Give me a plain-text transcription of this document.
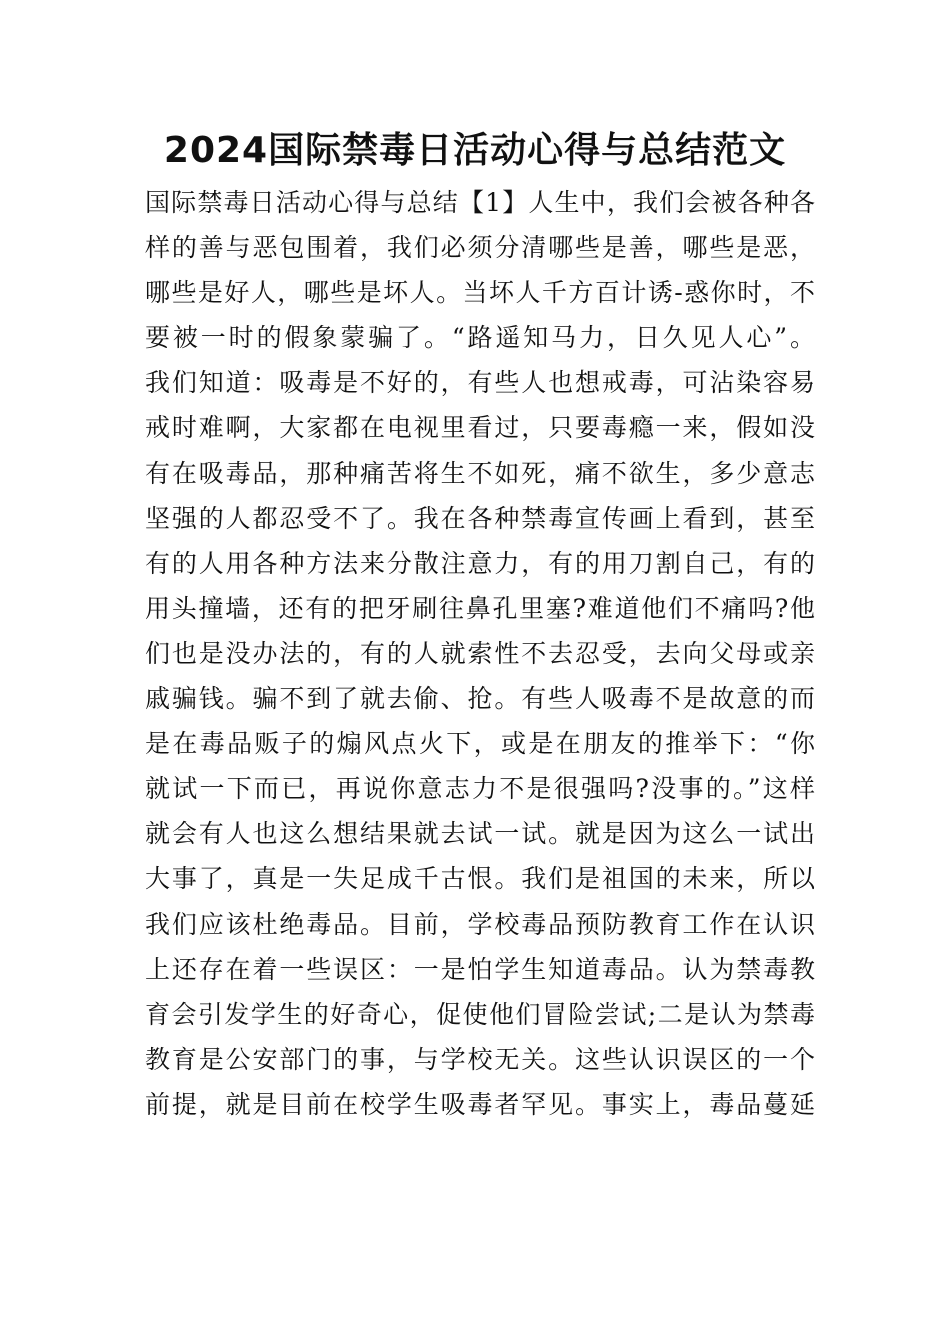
2024国际禁毒日活动心得与总结范文
国际禁毒日活动心得与总结【1】人生中，我们会被各种各
样的善与恶包围着，我们必须分清哪些是善，哪些是恶，
哪些是好人，哪些是坏人。当坏人千方百计诱-惑你时，不
要被一时的假象蒙骗了。“路遥知马力，日久见人心”。
我们知道：吸毒是不好的，有些人也想戒毒，可沾染容易
戒时难啊，大家都在电视里看过，只要毒瘾一来，假如没
有在吸毒品，那种痛苦将生不如死，痛不欲生，多少意志
坚强的人都忍受不了。我在各种禁毒宣传画上看到，甚至
有的人用各种方法来分散注意力，有的用刀割自己，有的
用头撞墙，还有的把牙刷往鼻孔里塞?难道他们不痛吗?他
们也是没办法的，有的人就索性不去忍受，去向父母或亲
戚骗钱。骗不到了就去偷、抢。有些人吸毒不是故意的而
是在毒品贩子的煽风点火下，或是在朋友的推举下：“你
就试一下而已，再说你意志力不是很强吗?没事的。”这样
就会有人也这么想结果就去试一试。就是因为这么一试出
大事了，真是一失足成千古恨。我们是祖国的未来，所以
我们应该杜绝毒品。目前，学校毒品预防教育工作在认识
上还存在着一些误区：一是怕学生知道毒品。认为禁毒教
育会引发学生的好奇心，促使他们冒险尝试;二是认为禁毒
教育是公安部门的事，与学校无关。这些认识误区的一个
前提，就是目前在校学生吸毒者罕见。事实上，毒品蔓延
